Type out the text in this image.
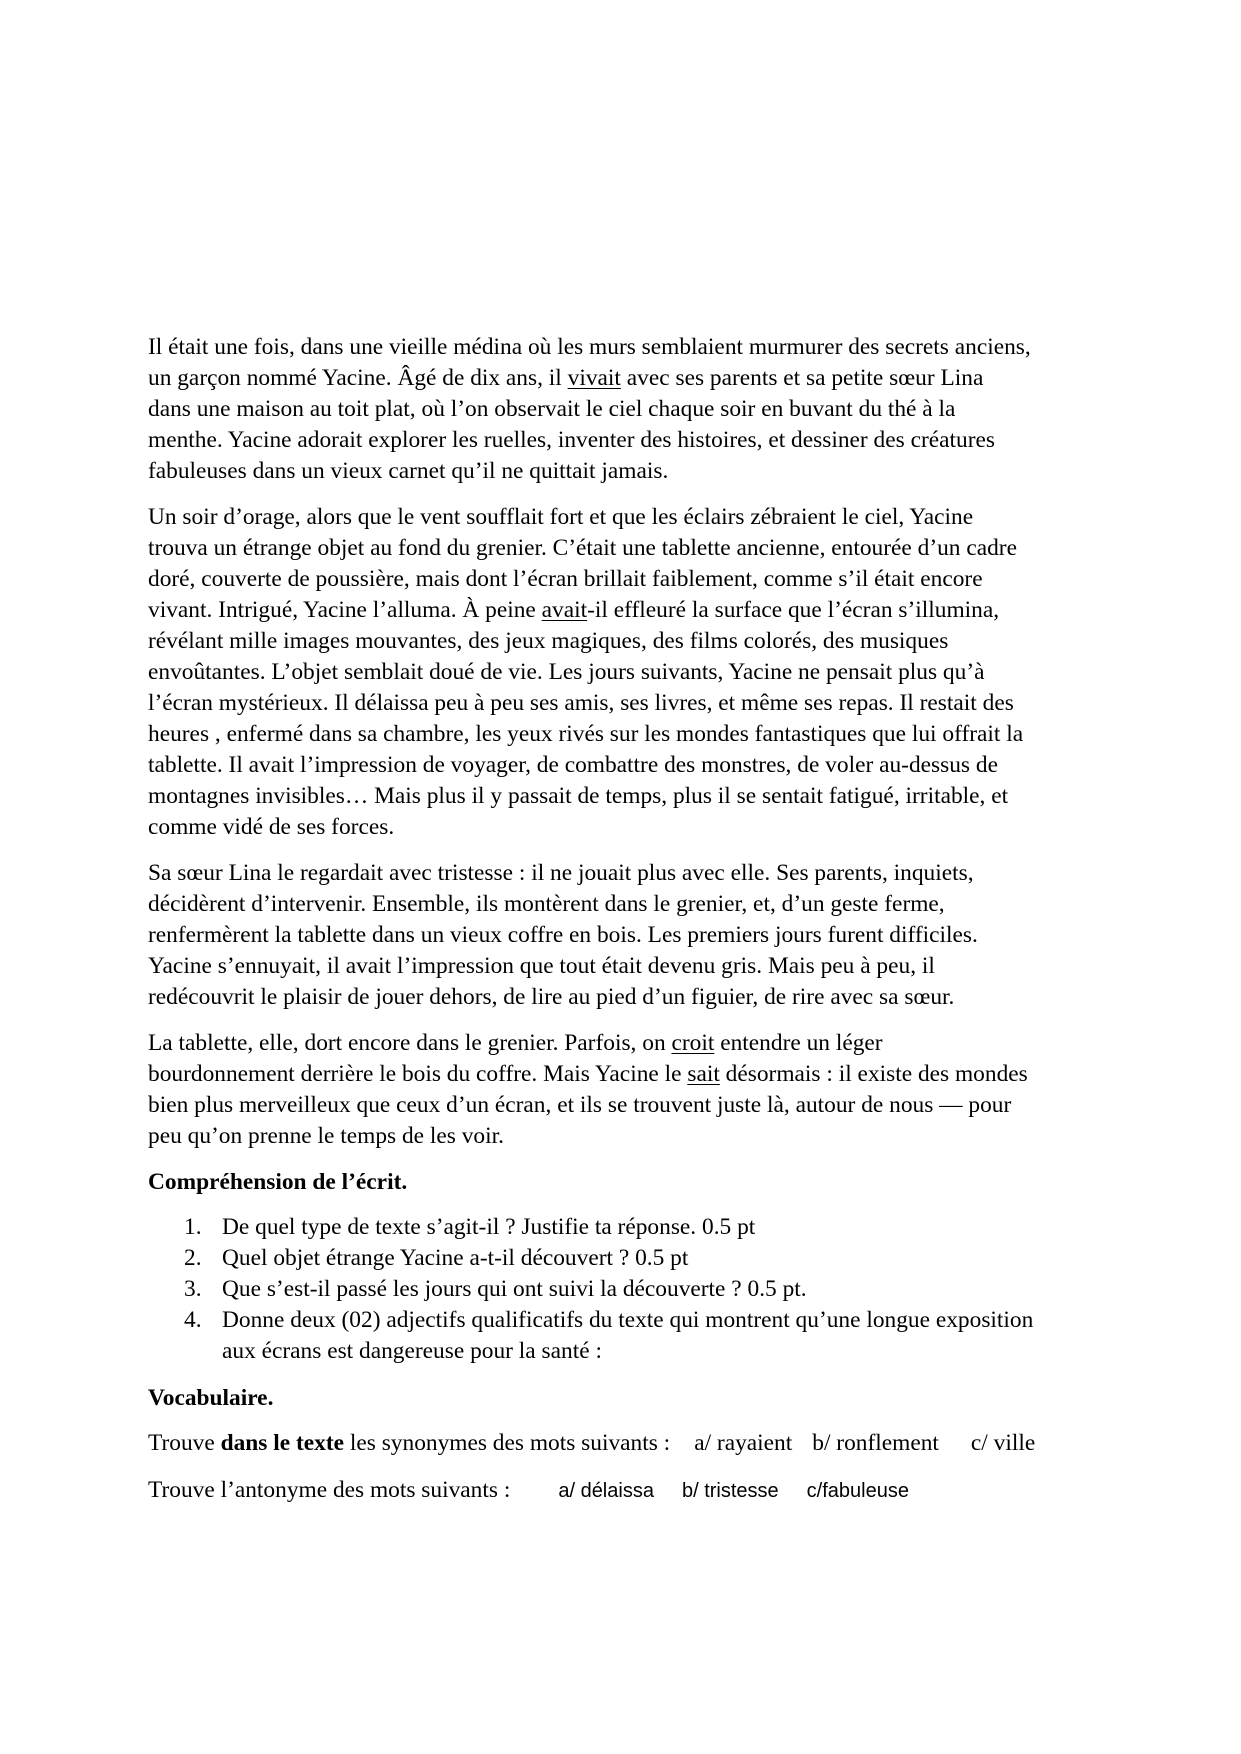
Il était une fois, dans une vieille médina où les murs semblaient murmurer des secrets anciens,
un garçon nommé Yacine. Âgé de dix ans, il vivait avec ses parents et sa petite sœur Lina
dans une maison au toit plat, où l’on observait le ciel chaque soir en buvant du thé à la
menthe. Yacine adorait explorer les ruelles, inventer des histoires, et dessiner des créatures
fabuleuses dans un vieux carnet qu’il ne quittait jamais.
Un soir d’orage, alors que le vent soufflait fort et que les éclairs zébraient le ciel, Yacine
trouva un étrange objet au fond du grenier. C’était une tablette ancienne, entourée d’un cadre
doré, couverte de poussière, mais dont l’écran brillait faiblement, comme s’il était encore
vivant. Intrigué, Yacine l’alluma. À peine avait-il effleuré la surface que l’écran s’illumina,
révélant mille images mouvantes, des jeux magiques, des films colorés, des musiques
envoûtantes. L’objet semblait doué de vie. Les jours suivants, Yacine ne pensait plus qu’à
l’écran mystérieux. Il délaissa peu à peu ses amis, ses livres, et même ses repas. Il restait des
heures , enfermé dans sa chambre, les yeux rivés sur les mondes fantastiques que lui offrait la
tablette. Il avait l’impression de voyager, de combattre des monstres, de voler au-dessus de
montagnes invisibles… Mais plus il y passait de temps, plus il se sentait fatigué, irritable, et
comme vidé de ses forces.
Sa sœur Lina le regardait avec tristesse : il ne jouait plus avec elle. Ses parents, inquiets,
décidèrent d’intervenir. Ensemble, ils montèrent dans le grenier, et, d’un geste ferme,
renfermèrent la tablette dans un vieux coffre en bois. Les premiers jours furent difficiles.
Yacine s’ennuyait, il avait l’impression que tout était devenu gris. Mais peu à peu, il
redécouvrit le plaisir de jouer dehors, de lire au pied d’un figuier, de rire avec sa sœur.
La tablette, elle, dort encore dans le grenier. Parfois, on croit entendre un léger
bourdonnement derrière le bois du coffre. Mais Yacine le sait désormais : il existe des mondes
bien plus merveilleux que ceux d’un écran, et ils se trouvent juste là, autour de nous — pour
peu qu’on prenne le temps de les voir.
Compréhension de l’écrit.
1. De quel type de texte s’agit-il ? Justifie ta réponse. 0.5 pt
2. Quel objet étrange Yacine a-t-il découvert ? 0.5 pt
3. Que s’est-il passé les jours qui ont suivi la découverte ? 0.5 pt.
4. Donne deux (02) adjectifs qualificatifs du texte qui montrent qu’une longue exposition
aux écrans est dangereuse pour la santé :
Vocabulaire.
Trouve dans le texte les synonymes des mots suivants : a/ rayaient b/ ronflement c/ ville
Trouve l’antonyme des mots suivants : a/ délaissa b/ tristesse c/fabuleuse
